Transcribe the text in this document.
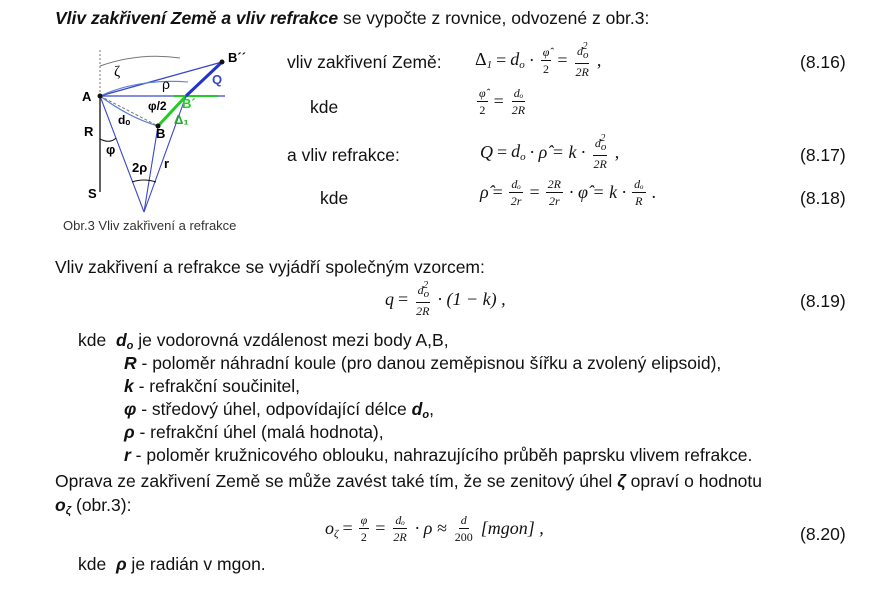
Vliv zakřivení Země a vliv refrakce se vypočte z rovnice, odvozené z obr.3:
A
R
S
ζ
ρ	Q
B´´
B´
φ/2
dₒ
B
Δ₁
φ
2ρ r
Obr.3 Vliv zakřivení a refrakce
vliv zakřivení Země: $\Delta_1 = d_o \cdot \frac{\varphî}{2} = \frac{do^2}{2R}$ ,	(8.16)
kde	$\frac{\varphî}{2} = \frac{\text{dₒ}}{2R}$
a vliv refrakce:	$Q = d_o$ · ρ̂ = $k \cdot \frac{do^2}{2R}$ ,	(8.17)
kde	ρ̂ = $\frac{\text{dₒ}}{2r} = \frac{2R}{2r}$ · φ̂ = $k \cdot \frac{\text{dₒ}}{R}$ .	(8.18)
Vliv zakřivení a refrakce se vyjádří společným vzorcem:
$q = \frac{do^2}{2R} \cdot (1 - k)$ ,	(8.19)
kde $d_o$ je vodorovná vzdálenost mezi body A,B,
R - poloměr náhradní koule (pro danou zeměpisnou šířku a zvolený elipsoid),
k - refrakční součinitel,
φ - středový úhel, odpovídající délce $d_o$,
ρ - refrakční úhel (malá hodnota),
r - poloměr kružnicového oblouku, nahrazujícího průběh paprsku vlivem refrakce.
Oprava ze zakřivení Země se může zavést také tím, že se zenitový úhel ζ opraví o hodnotu
$o_\zeta$ (obr.3):
$o_\zeta = \frac{\varphi}{2} = \frac{\text{dₒ}}{2R} \cdot \rho \approx \frac{d}{200}$ [mgon] ,	(8.20)
kde ρ je radián v mgon.
